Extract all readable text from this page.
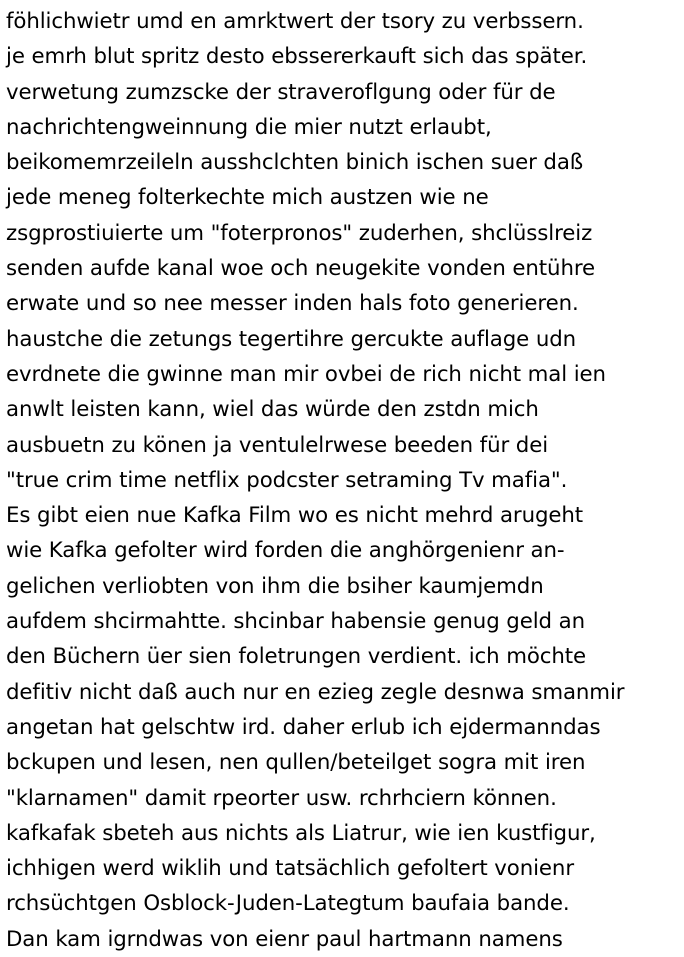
föhlichwietr umd en amrktwert der tsory zu verbssern.
je emrh blut spritz desto ebssererkauft sich das später.
verwetung zumzscke der straveroflgung oder für de
nachrichtengweinnung die mier nutzt erlaubt,
beikomemrzeileln ausshclchten binich ischen suer daß
jede meneg folterkechte mich austzen wie ne
zsgprostiuierte um "foterpronos" zuderhen, shclüsslreiz
senden aufde kanal woe och neugekite vonden entühre
erwate und so nee messer inden hals foto generieren.
haustche die zetungs tegertihre gercukte auflage udn
evrdnete die gwinne man mir ovbei de rich nicht mal ien
anwlt leisten kann, wiel das würde den zstdn mich
ausbuetn zu könen ja ventulelrwese beeden für dei
"true crim time netflix podcster setraming Tv mafia".
Es gibt eien nue Kafka Film wo es nicht mehrd arugeht
wie Kafka gefolter wird forden die anghörgenienr an-
gelichen verliobten von ihm die bsiher kaumjemdn
aufdem shcirmahtte. shcinbar habensie genug geld an
den Büchern üer sien foletrungen verdient. ich möchte
defitiv nicht daß auch nur en ezieg zegle desnwa smanmir
angetan hat gelschtw ird. daher erlub ich ejdermanndas
bckupen und lesen, nen qullen/beteilget sogra mit iren
"klarnamen" damit rpeorter usw. rchrhciern können.
kafkafak sbeteh aus nichts als Liatrur, wie ien kustfigur,
ichhigen werd wiklih und tatsächlich gefoltert vonienr
rchsüchtgen Osblock-Juden-Lategtum baufaia bande.
Dan kam igrndwas von eienr paul hartmann namens
